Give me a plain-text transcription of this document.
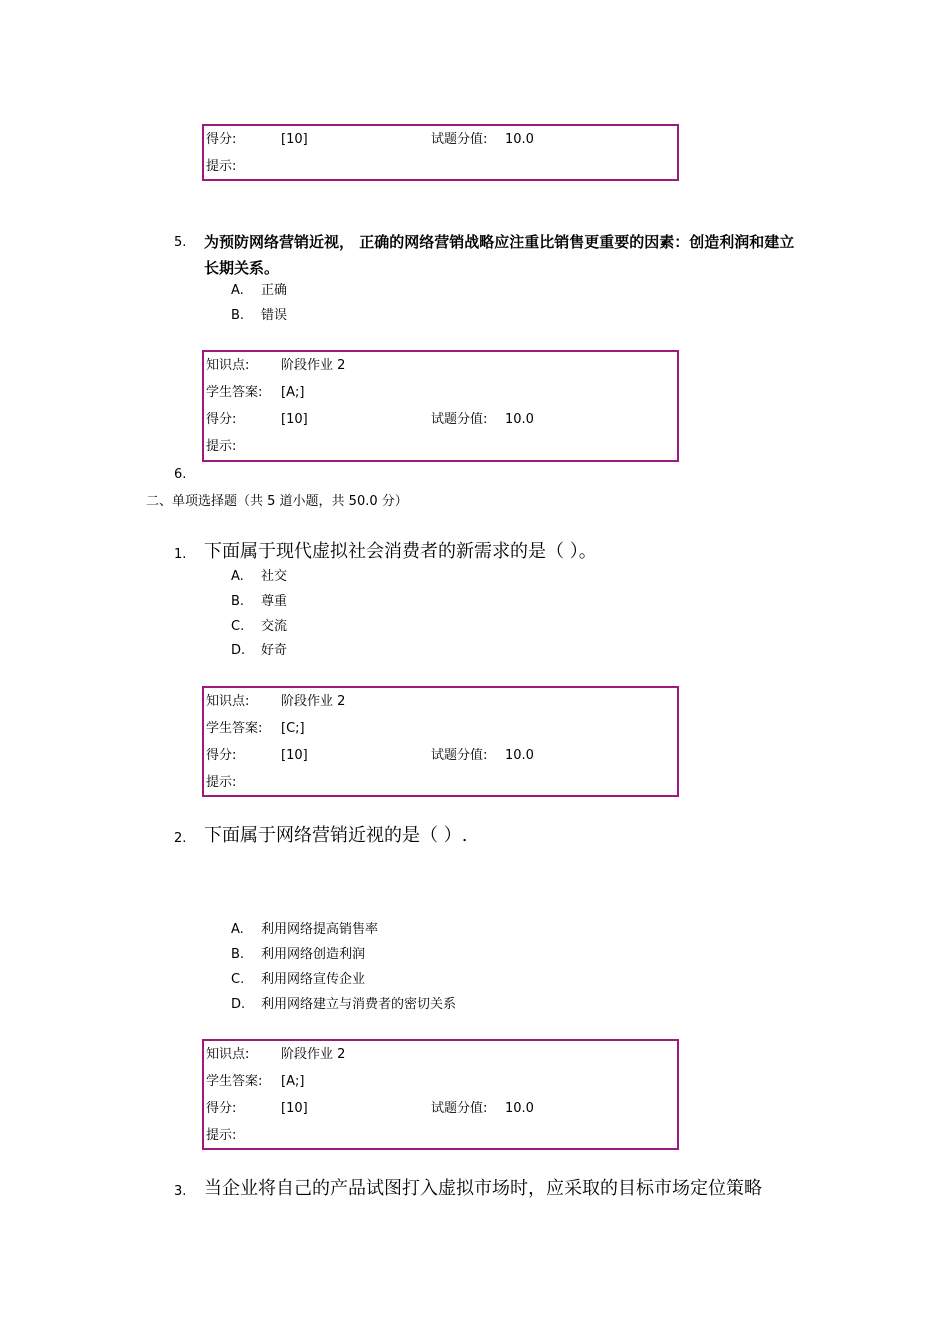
得分:	[10]	试题分值: 10.0
提示:
5. 为预防网络营销近视， 正确的网络营销战略应注重比销售更重要的因素：创造利润和建立长期关系。
A. 正确
B. 错误
知识点: 阶段作业 2
学生答案: [A;]
得分:	[10]	试题分值: 10.0
提示:
6.
二、单项选择题（共 5 道小题，共 50.0 分）
1. 下面属于现代虚拟社会消费者的新需求的是（ ）。
A. 社交
B. 尊重
C. 交流
D. 好奇
知识点: 阶段作业 2
学生答案: [C;]
得分:	[10]	试题分值: 10.0
提示:
2. 下面属于网络营销近视的是（ ）.
A. 利用网络提高销售率
B. 利用网络创造利润
C. 利用网络宣传企业
D. 利用网络建立与消费者的密切关系
知识点: 阶段作业 2
学生答案: [A;]
得分:	[10]	试题分值: 10.0
提示:
3. 当企业将自己的产品试图打入虚拟市场时，应采取的目标市场定位策略
